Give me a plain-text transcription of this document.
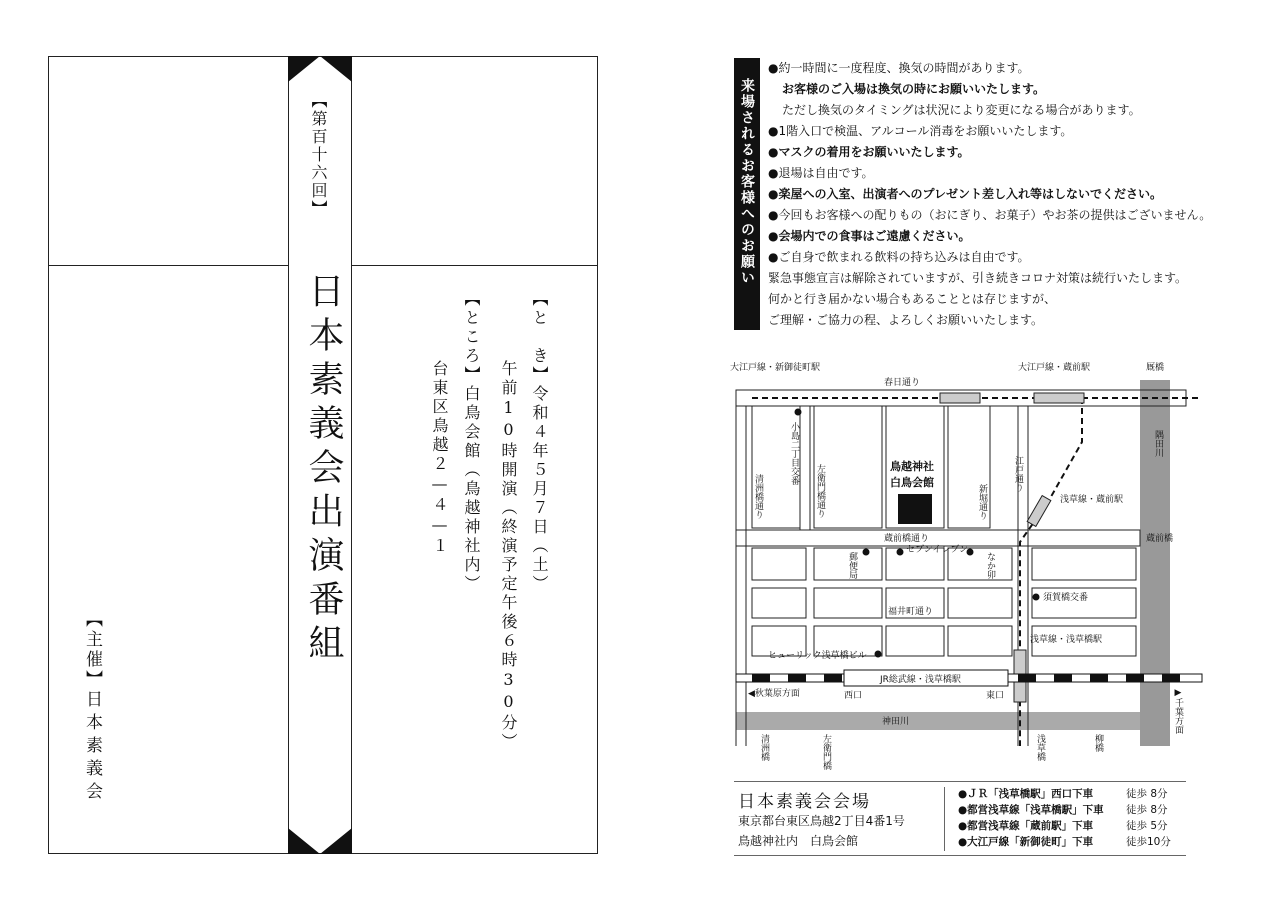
【第百十六回】
日本素義会出演番組	【と　き】令和４年５月７日（土）
午前10時開演（終演予定午後６時30分）
【ところ】白鳥会館（鳥越神社内）
台東区鳥越２—４—１
【主催】
日本素義会
来場されるお客様へのお願い
●約一時間に一度程度、換気の時間があります。
お客様のご入場は換気の時にお願いいたします。
ただし換気のタイミングは状況により変更になる場合があります。
●1階入口で検温、アルコール消毒をお願いいたします。
●マスクの着用をお願いいたします。
●退場は自由です。
●楽屋への入室、出演者へのプレゼント差し入れ等はしないでください。
●今回もお客様への配りもの（おにぎり、お菓子）やお茶の提供はございません。
●会場内での食事はご遠慮ください。
●ご自身で飲まれる飲料の持ち込みは自由です。
緊急事態宣言は解除されていますが、引き続きコロナ対策は続行いたします。
何かと行き届かない場合もあることとは存じますが、
ご理解・ご協力の程、よろしくお願いいたします。
大江戸線・新御徒町駅	大江戸線・蔵前駅	厩橋
春日通り
小島二丁目交番
清洲橋通り	左衛門橋通り	鳥越神社
白鳥会館
新堀通り
江戸通り
隅田川
浅草線・蔵前駅
蔵前橋通り	蔵前橋
郵便局
セブンイレブン
なか卯
須賀橋交番
福井町通り
浅草線・浅草橋駅
ヒューリック浅草橋ビル
JR総武線・浅草橋駅
◀秋葉原方面	西口	東口	▶千葉方面
神田川
清洲橋	左衛門橋	浅草橋	柳橋
日本素義会会場
東京都台東区鳥越2丁目4番1号
鳥越神社内　白鳥会館
●ＪＲ「浅草橋駅」西口下車	徒歩 8分
●都営浅草線「浅草橋駅」下車 徒歩 8分
●都営浅草線「蔵前駅」下車	徒歩 5分
●大江戸線「新御徒町」下車	徒歩10分
